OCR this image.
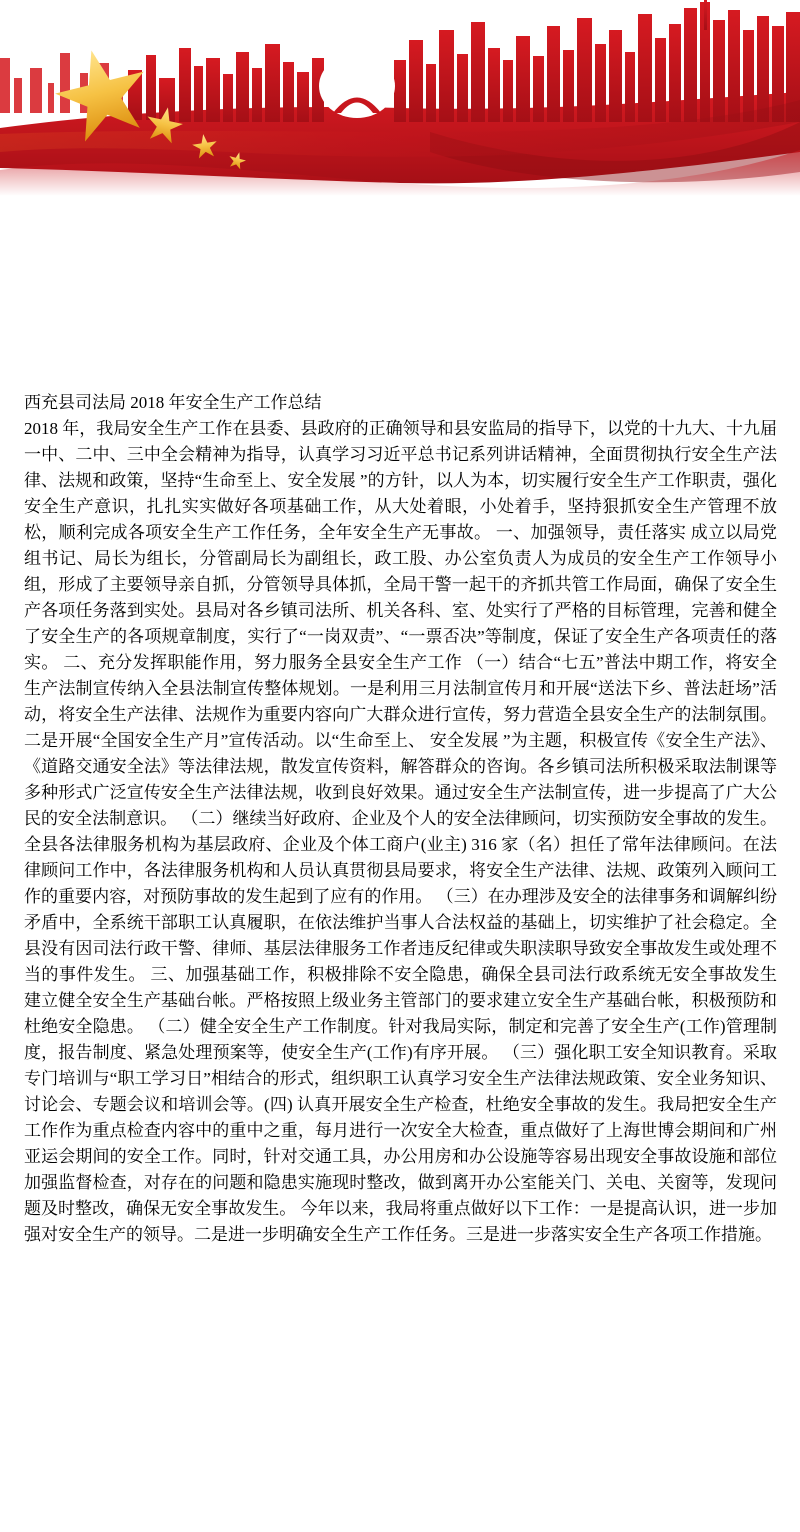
西充县司法局 2018 年安全生产工作总结

2018 年，我局安全生产工作在县委、县政府的正确领导和县安监局的指导下，以党的十九大、十九届一中、二中、三中全会精神为指导，认真学习习近平总书记系列讲话精神，全面贯彻执行安全生产法律、法规和政策，坚持“生命至上、安全发展 ”的方针，以人为本，切实履行安全生产工作职责，强化安全生产意识，扎扎实实做好各项基础工作，从大处着眼，小处着手，坚持狠抓安全生产管理不放松，顺利完成各项安全生产工作任务，全年安全生产无事故。 一、加强领导，责任落实 成立以局党组书记、局长为组长，分管副局长为副组长，政工股、办公室负责人为成员的安全生产工作领导小组，形成了主要领导亲自抓，分管领导具体抓，全局干警一起干的齐抓共管工作局面，确保了安全生产各项任务落到实处。县局对各乡镇司法所、机关各科、室、处实行了严格的目标管理，完善和健全了安全生产的各项规章制度，实行了“一岗双责”、“一票否决”等制度，保证了安全生产各项责任的落实。 二、充分发挥职能作用，努力服务全县安全生产工作 （一）结合“七五”普法中期工作，将安全生产法制宣传纳入全县法制宣传整体规划。一是利用三月法制宣传月和开展“送法下乡、普法赶场”活动，将安全生产法律、法规作为重要内容向广大群众进行宣传，努力营造全县安全生产的法制氛围。二是开展“全国安全生产月”宣传活动。以“生命至上、 安全发展 ”为主题，积极宣传《安全生产法》、《道路交通安全法》等法律法规，散发宣传资料，解答群众的咨询。各乡镇司法所积极采取法制课等多种形式广泛宣传安全生产法律法规，收到良好效果。通过安全生产法制宣传，进一步提高了广大公民的安全法制意识。 （二）继续当好政府、企业及个人的安全法律顾问，切实预防安全事故的发生。全县各法律服务机构为基层政府、企业及个体工商户(业主) 316 家（名）担任了常年法律顾问。在法律顾问工作中，各法律服务机构和人员认真贯彻县局要求，将安全生产法律、法规、政策列入顾问工作的重要内容，对预防事故的发生起到了应有的作用。 （三）在办理涉及安全的法律事务和调解纠纷矛盾中，全系统干部职工认真履职，在依法维护当事人合法权益的基础上，切实维护了社会稳定。全县没有因司法行政干警、律师、基层法律服务工作者违反纪律或失职渎职导致安全事故发生或处理不当的事件发生。 三、加强基础工作，积极排除不安全隐患，确保全县司法行政系统无安全事故发生 建立健全安全生产基础台帐。严格按照上级业务主管部门的要求建立安全生产基础台帐，积极预防和杜绝安全隐患。 （二）健全安全生产工作制度。针对我局实际，制定和完善了安全生产(工作)管理制度，报告制度、紧急处理预案等，使安全生产(工作)有序开展。 （三）强化职工安全知识教育。采取专门培训与“职工学习日”相结合的形式，组织职工认真学习安全生产法律法规政策、安全业务知识、讨论会、专题会议和培训会等。(四) 认真开展安全生产检查，杜绝安全事故的发生。我局把安全生产工作作为重点检查内容中的重中之重，每月进行一次安全大检查，重点做好了上海世博会期间和广州亚运会期间的安全工作。同时，针对交通工具，办公用房和办公设施等容易出现安全事故设施和部位加强监督检查，对存在的问题和隐患实施现时整改，做到离开办公室能关门、关电、关窗等，发现问题及时整改，确保无安全事故发生。 今年以来，我局将重点做好以下工作：一是提高认识，进一步加强对安全生产的领导。二是进一步明确安全生产工作任务。三是进一步落实安全生产各项工作措施。
